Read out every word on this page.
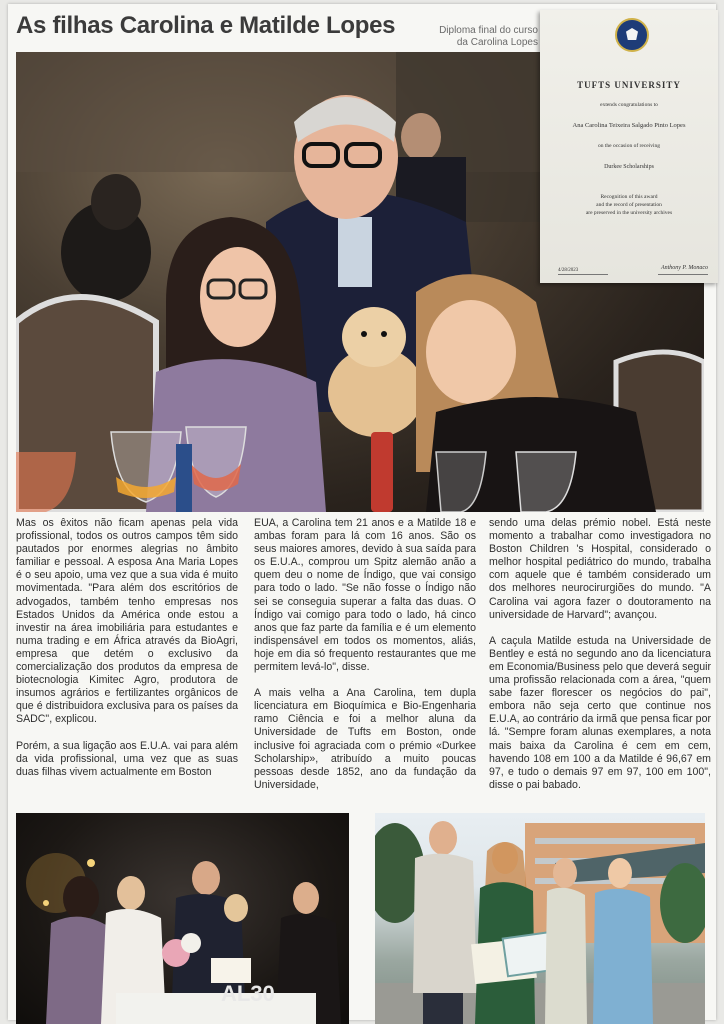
As filhas Carolina e Matilde Lopes	Diploma final do curso
da Carolina Lopes
TUFTS UNIVERSITY
extends congratulations to
Ana Carolina Teixeira Salgado Pinto Lopes
on the occasion of receiving
Durkee Scholarships
Recognition of this award
and the record of presentation
are preserved in the university archives
4/28/2023	Anthony P. Monaco

Mas os êxitos não ficam apenas pela vida profissional, todos os outros campos têm sido pautados por enormes alegrias no âmbito familiar e pessoal. A esposa Ana Maria Lopes é o seu apoio, uma vez que a sua vida é muito movimentada. "Para além dos escritórios de advogados, também tenho empresas nos Estados Unidos da América onde estou a investir na área imobiliária para estudantes e numa trading e em África através da BioAgri, empresa que detém o exclusivo da comercialização dos produtos da empresa de biotecnologia Kimitec Agro, produtora de insumos agrários e fertilizantes orgânicos de que é distribuidora exclusiva para os países da SADC", explicou.

Porém, a sua ligação aos E.U.A. vai para além da vida profissional, uma vez que as suas duas filhas vivem actualmente em Boston

EUA, a Carolina tem 21 anos e a Matilde 18 e ambas foram para lá com 16 anos. São os seus maiores amores, devido à sua saída para os E.U.A., comprou um Spitz alemão anão a quem deu o nome de Índigo, que vai consigo para todo o lado. "Se não fosse o Índigo não sei se conseguia superar a falta das duas. O Índigo vai comigo para todo o lado, há cinco anos que faz parte da família e é um elemento indispensável em todos os momentos, aliás, hoje em dia só frequento restaurantes que me permitem levá-lo", disse.

A mais velha a Ana Carolina, tem dupla licenciatura em Bioquímica e Bio-Engenharia ramo Ciência e foi a melhor aluna da Universidade de Tufts em Boston, onde inclusive foi agraciada com o prémio «Durkee Scholarship», atribuído a muito poucas pessoas desde 1852, ano da fundação da Universidade,

sendo uma delas prémio nobel. Está neste momento a trabalhar como investigadora no Boston Children 's Hospital, considerado o melhor hospital pediátrico do mundo, trabalha com aquele que é também considerado um dos melhores neurocirurgiões do mundo. "A Carolina vai agora fazer o doutoramento na universidade de Harvard"; avançou.

A caçula Matilde estuda na Universidade de Bentley e está no segundo ano da licenciatura em Economia/Business pelo que deverá seguir uma profissão relacionada com a área, "quem sabe fazer florescer os negócios do pai", embora não seja certo que continue nos E.U.A, ao contrário da irmã que pensa ficar por lá. "Sempre foram alunas exemplares, a nota mais baixa da Carolina é cem em cem, havendo 108 em 100 a da Matilde é 96,67 em 97, e tudo o demais 97 em 97, 100 em 100", disse o pai babado.

AL30
